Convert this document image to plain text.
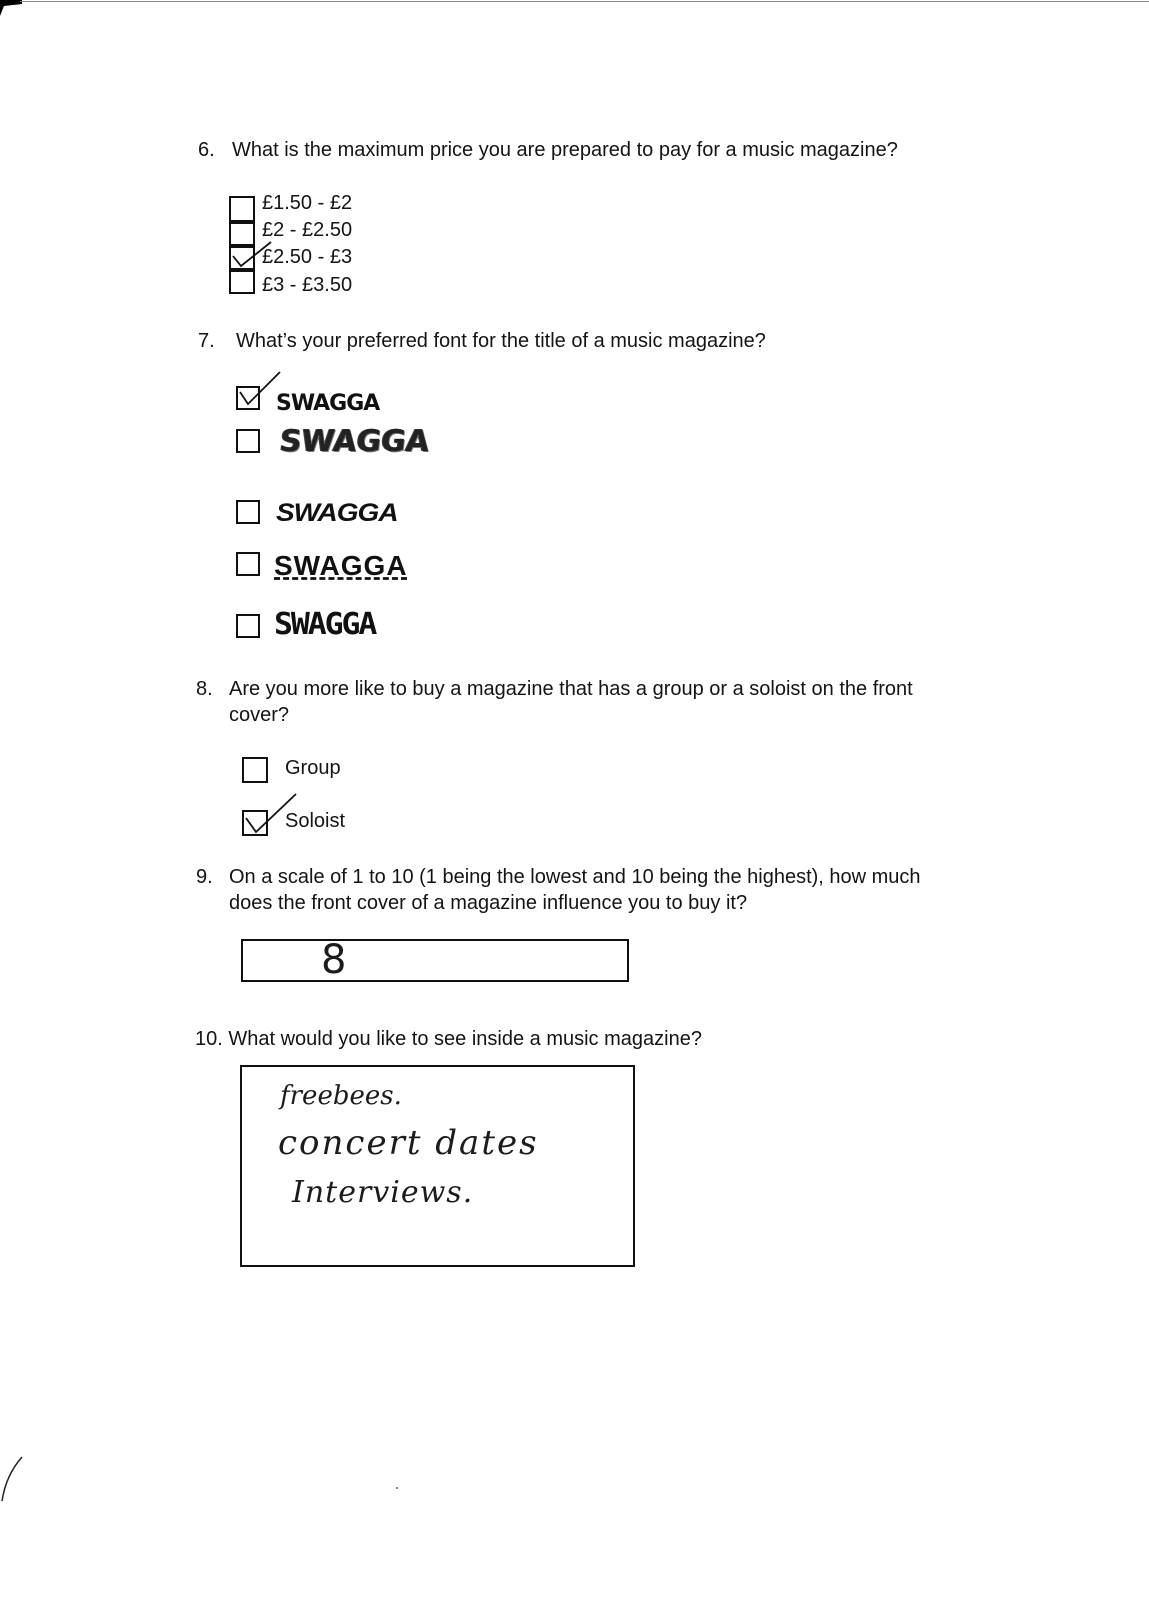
6. What is the maximum price you are prepared to pay for a music magazine?
£1.50 - £2
£2 - £2.50
£2.50 - £3
£3 - £3.50
7. What’s your preferred font for the title of a music magazine?
swagga
SWAGGA
SWAGGA
SWAGGA
SWAGGA
8. Are you more like to buy a magazine that has a group or a soloist on the front
cover?
Group
Soloist
9. On a scale of 1 to 10 (1 being the lowest and 10 being the highest), how much
does the front cover of a magazine influence you to buy it?
8
10. What would you like to see inside a music magazine?
freebees.
concert dates
Interviews.
